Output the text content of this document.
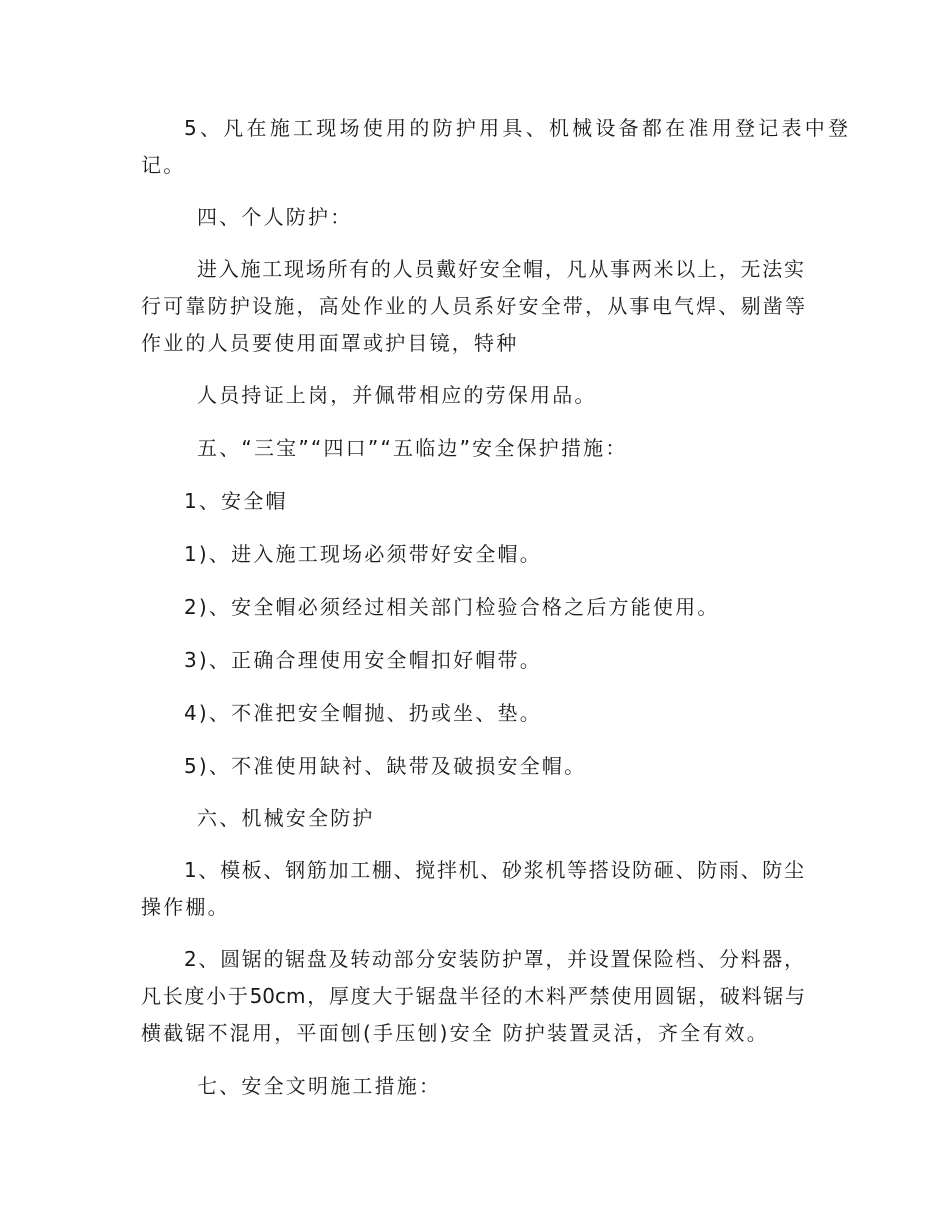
5、凡在施工现场使用的防护用具、机械设备都在准用登记表中登

记。

四、个人防护：

进入施工现场所有的人员戴好安全帽，凡从事两米以上，无法实

行可靠防护设施，高处作业的人员系好安全带，从事电气焊、剔凿等

作业的人员要使用面罩或护目镜，特种

人员持证上岗，并佩带相应的劳保用品。

五、“三宝”“四口”“五临边”安全保护措施：

1、安全帽

1)、进入施工现场必须带好安全帽。

2)、安全帽必须经过相关部门检验合格之后方能使用。

3)、正确合理使用安全帽扣好帽带。

4)、不准把安全帽抛、扔或坐、垫。

5)、不准使用缺衬、缺带及破损安全帽。

六、机械安全防护

1、模板、钢筋加工棚、搅拌机、砂浆机等搭设防砸、防雨、防尘

操作棚。

2、圆锯的锯盘及转动部分安装防护罩，并设置保险档、分料器，

凡长度小于50cm，厚度大于锯盘半径的木料严禁使用圆锯，破料锯与

横截锯不混用，平面刨(手压刨)安全 防护装置灵活，齐全有效。

七、安全文明施工措施：
